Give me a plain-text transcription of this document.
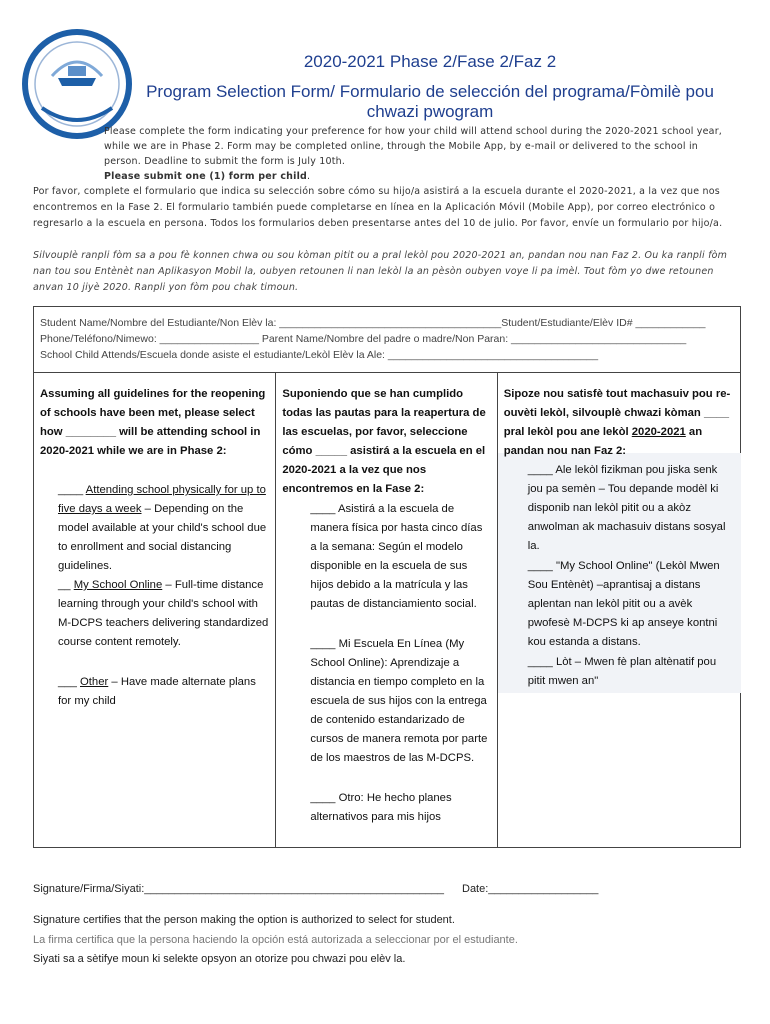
2020-2021 Phase 2/Fase 2/Faz 2
Program Selection Form/ Formulario de selección del programa/Fòmilè pou chwazi pwogram
Please complete the form indicating your preference for how your child will attend school during the 2020-2021 school year, while we are in Phase 2. Form may be completed online, through the Mobile App, by e-mail or delivered to the school in person. Deadline to submit the form is July 10th.
Please submit one (1) form per child.
Por favor, complete el formulario que indica su selección sobre cómo su hijo/a asistirá a la escuela durante el 2020-2021, a la vez que nos encontremos en la Fase 2. El formulario también puede completarse en línea en la Aplicación Móvil (Mobile App), por correo electrónico o regresarlo a la escuela en persona. Todos los formularios deben presentarse antes del 10 de julio. Por favor, envíe un formulario por hijo/a.
Silvouplè ranpli fòm sa a pou fè konnen chwa ou sou kòman pitit ou a pral lekòl pou 2020-2021 an, pandan nou nan Faz 2. Ou ka ranpli fòm nan tou sou Entènèt nan Aplikasyon Mobil la, oubyen retounen li nan lekòl la an pèsòn oubyen voye li pa imèl. Tout fòm yo dwe retounen anvan 10 jiyè 2020. Ranpli yon fòm pou chak timoun.
Student Name/Nombre del Estudiante/Non Elèv la: ______________________________________Student/Estudiante/Elèv ID# ____________
Phone/Teléfono/Nimewo: _________________ Parent Name/Nombre del padre o madre/Non Paran: ______________________________
School Child Attends/Escuela donde asiste el estudiante/Lekòl Elèv la Ale: ____________________________________
Assuming all guidelines for the reopening of schools have been met, please select how ________ will be attending school in 2020-2021 while we are in Phase 2:
____ Attending school physically for up to five days a week – Depending on the model available at your child's school due to enrollment and social distancing guidelines.
__ My School Online – Full-time distance learning through your child's school with M-DCPS teachers delivering standardized course content remotely.
___ Other – Have made alternate plans for my child
Suponiendo que se han cumplido todas las pautas para la reapertura de las escuelas, por favor, seleccione cómo _____ asistirá a la escuela en el 2020-2021 a la vez que nos encontremos en la Fase 2:
____ Asistirá a la escuela de manera física por hasta cinco días a la semana: Según el modelo disponible en la escuela de sus hijos debido a la matrícula y las pautas de distanciamiento social.
____ Mi Escuela En Línea (My School Online): Aprendizaje a distancia en tiempo completo en la escuela de sus hijos con la entrega de contenido estandarizado de cursos de manera remota por parte de los maestros de las M-DCPS.
____ Otro: He hecho planes alternativos para mis hijos
Sipoze nou satisfè tout machasuiv pou re-ouvèti lekòl, silvouplè chwazi kòman ____ pral lekòl pou ane lekòl 2020-2021 an pandan nou nan Faz 2:
____ Ale lekòl fizikman pou jiska senk jou pa semèn – Tou depande modèl ki disponib nan lekòl pitit ou a akòz anwolman ak machasuiv distans sosyal la.
____ "My School Online" (Lekòl Mwen Sou Entènèt) –aprantisaj a distans aplentan nan lekòl pitit ou a avèk pwofesè M-DCPS ki ap anseye kontni kou estanda a distans.
____ Lòt – Mwen fè plan altènatif pou pitit mwen an"
Signature/Firma/Siyati:_________________________________________________ Date:__________________
Signature certifies that the person making the option is authorized to select for student.
La firma certifica que la persona haciendo la opción está autorizada a seleccionar por el estudiante.
Siyati sa a sètifye moun ki selekte opsyon an otorize pou chwazi pou elèv la.
